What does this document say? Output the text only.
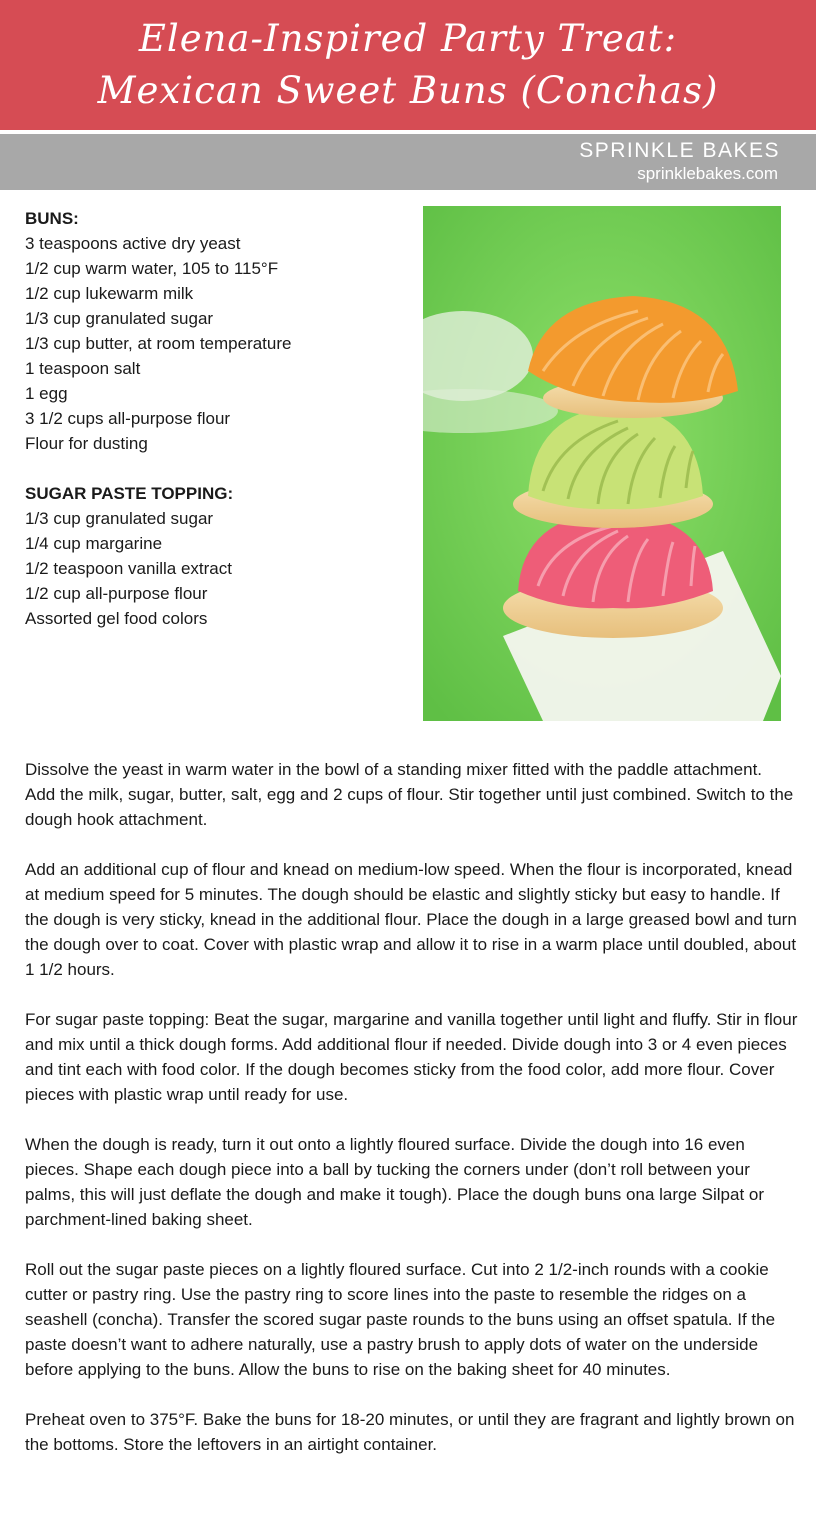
Elena-Inspired Party Treat:
Mexican Sweet Buns (Conchas)
SPRINKLE BAKES
sprinklebakes.com
BUNS:
3 teaspoons active dry yeast
1/2 cup warm water, 105 to 115°F
1/2 cup lukewarm milk
1/3 cup granulated sugar
1/3 cup butter, at room temperature
1 teaspoon salt
1 egg
3 1/2 cups all-purpose flour
Flour for dusting
SUGAR PASTE TOPPING:
1/3 cup granulated sugar
1/4 cup margarine
1/2 teaspoon vanilla extract
1/2 cup all-purpose flour
Assorted gel food colors

Dissolve the yeast in warm water in the bowl of a standing mixer fitted with the paddle attachment.

Add the milk, sugar, butter, salt, egg and 2 cups of flour. Stir together until just combined. Switch to the dough hook attachment.

Add an additional cup of flour and knead on medium-low speed. When the flour is incorporated, knead at medium speed for 5 minutes. The dough should be elastic and slightly sticky but easy to handle. If the dough is very sticky, knead in the additional flour. Place the dough in a large greased bowl and turn the dough over to coat. Cover with plastic wrap and allow it to rise in a warm place until doubled, about 1 1/2 hours.

For sugar paste topping: Beat the sugar, margarine and vanilla together until light and fluffy. Stir in flour and mix until a thick dough forms. Add additional flour if needed. Divide dough into 3 or 4 even pieces and tint each with food color. If the dough becomes sticky from the food color, add more flour. Cover pieces with plastic wrap until ready for use.

When the dough is ready, turn it out onto a lightly floured surface. Divide the dough into 16 even pieces. Shape each dough piece into a ball by tucking the corners under (don’t roll between your palms, this will just deflate the dough and make it tough). Place the dough buns ona large Silpat or parchment-lined baking sheet.

Roll out the sugar paste pieces on a lightly floured surface. Cut into 2 1/2-inch rounds with a cookie cutter or pastry ring. Use the pastry ring to score lines into the paste to resemble the ridges on a seashell (concha). Transfer the scored sugar paste rounds to the buns using an offset spatula. If the paste doesn’t want to adhere naturally, use a pastry brush to apply dots of water on the underside before applying to the buns. Allow the buns to rise on the baking sheet for 40 minutes.

Preheat oven to 375°F. Bake the buns for 18-20 minutes, or until they are fragrant and lightly brown on the bottoms. Store the leftovers in an airtight container.
